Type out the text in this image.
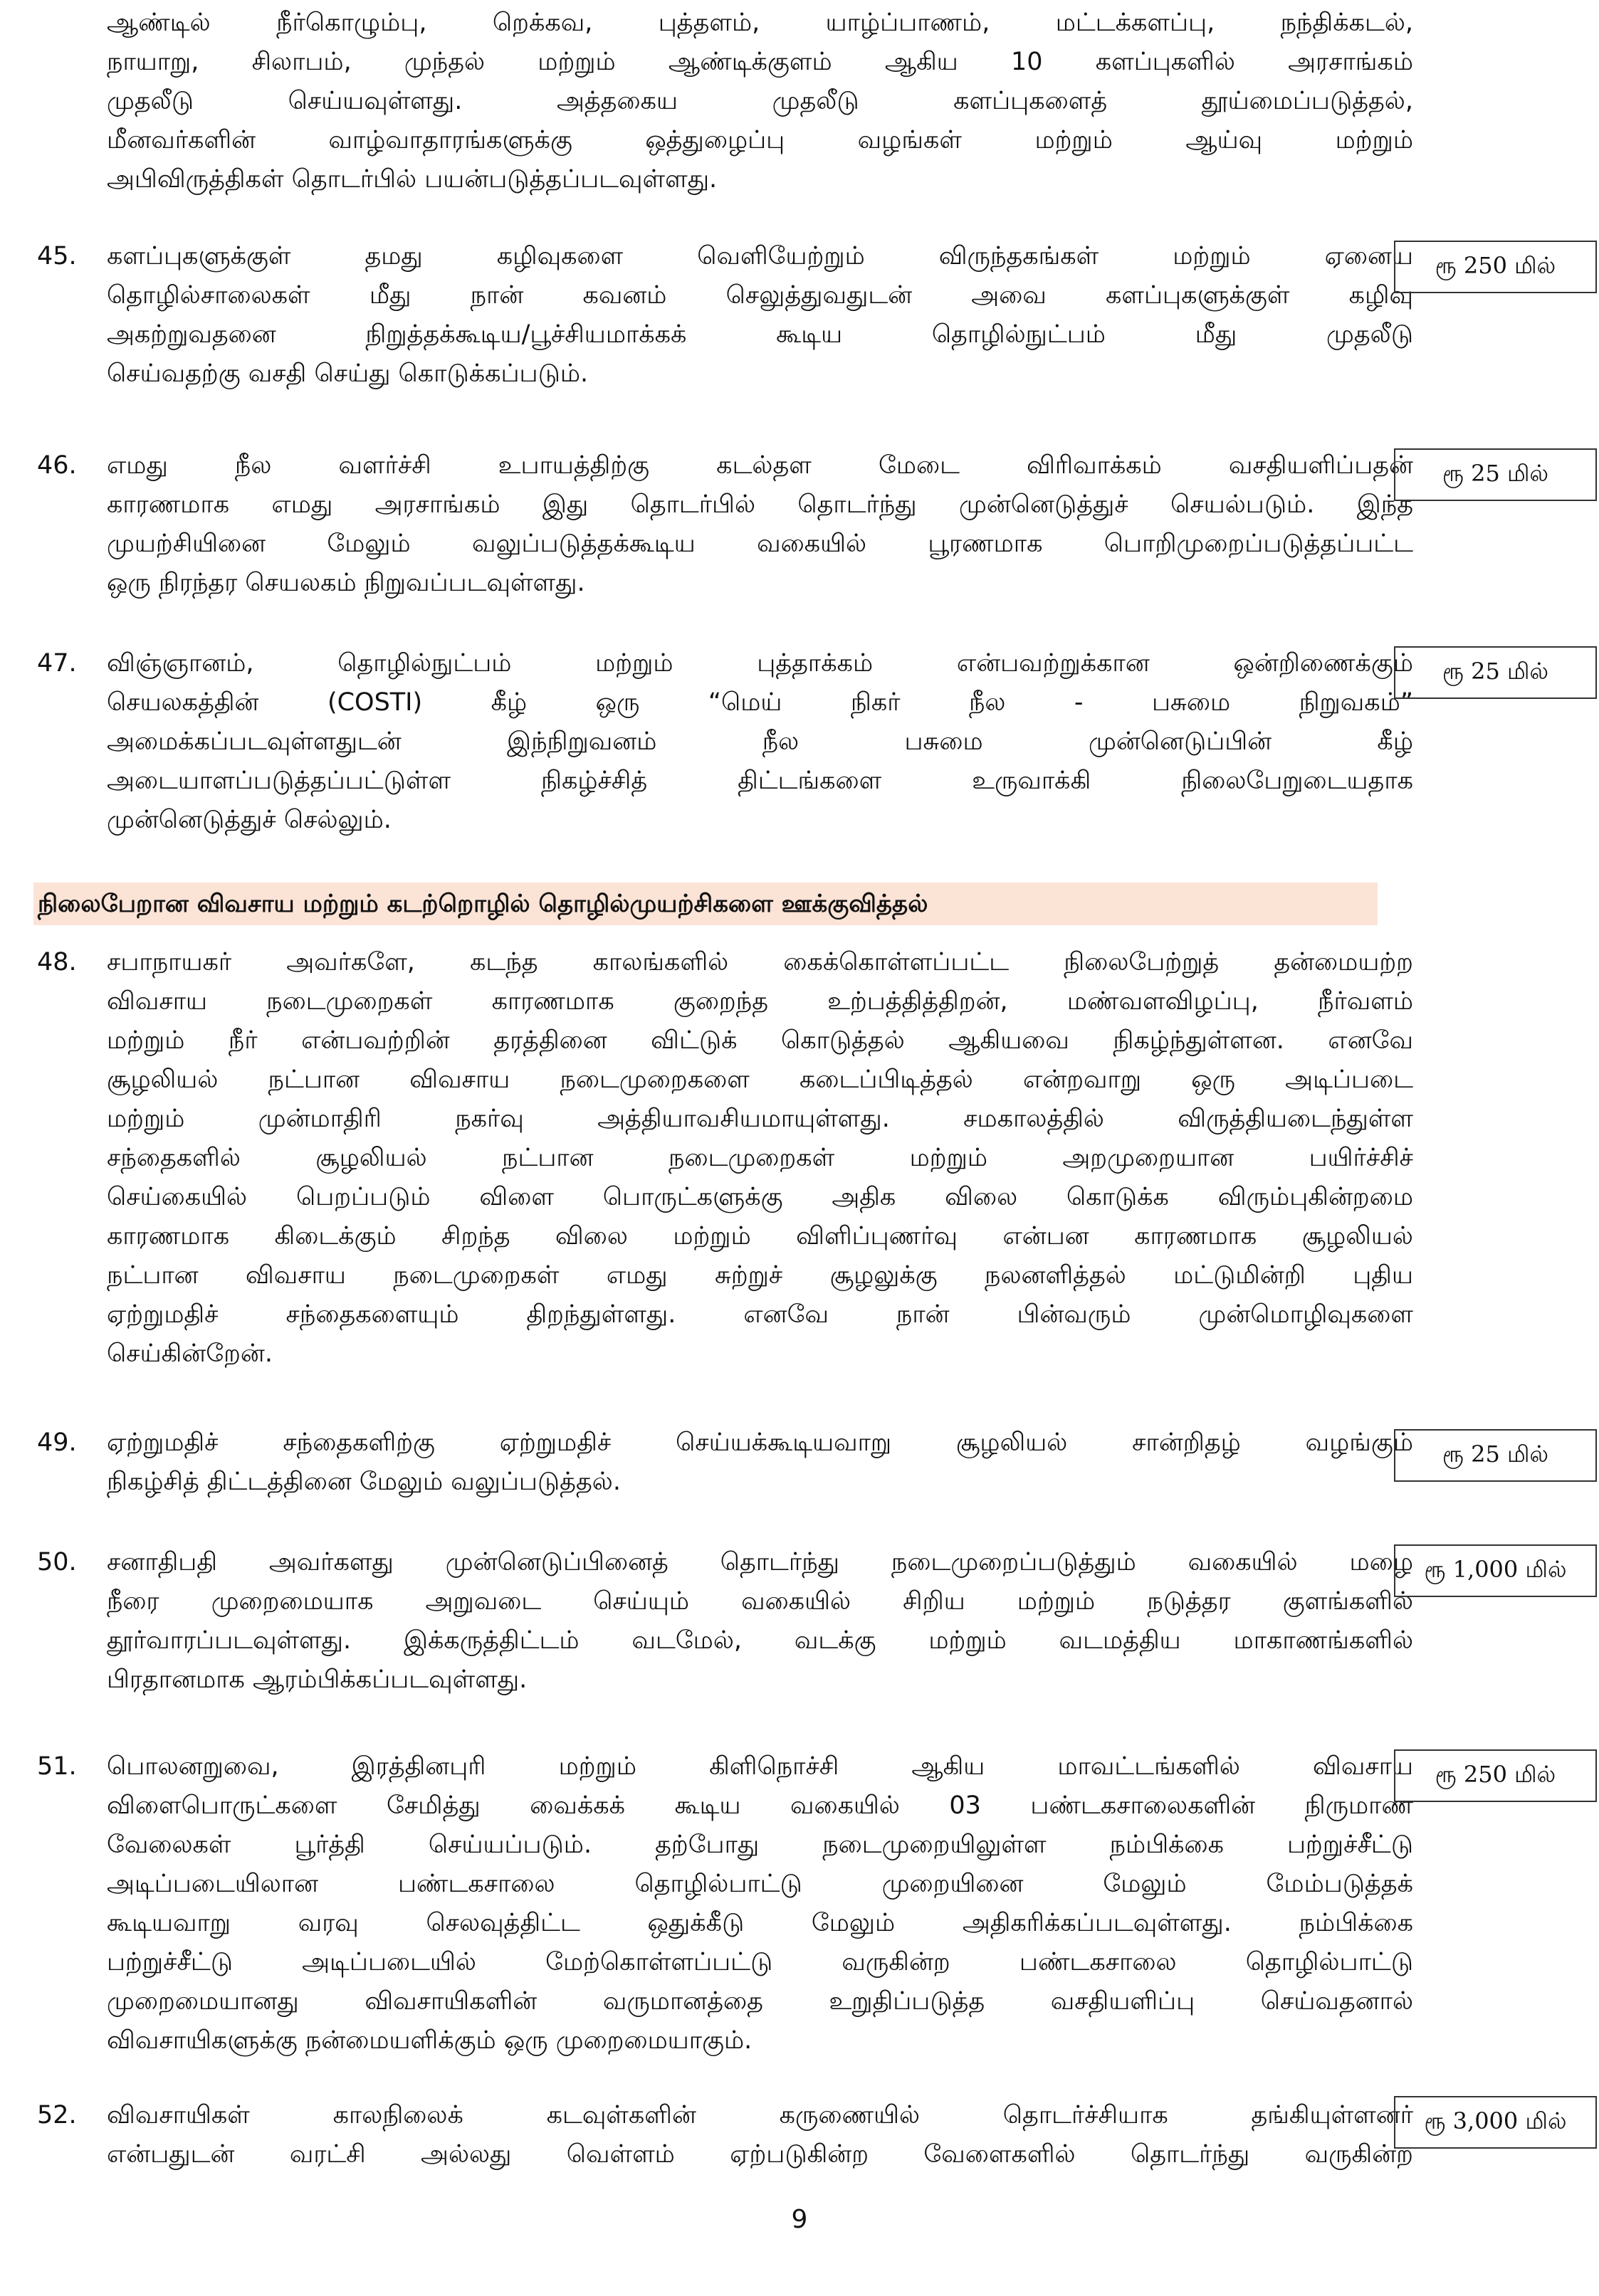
ஆண்டில் நீர்கொழும்பு, றெக்கவ, புத்தளம், யாழ்ப்பாணம், மட்டக்களப்பு, நந்திக்கடல்,
நாயாறு, சிலாபம், முந்தல் மற்றும் ஆண்டிக்குளம் ஆகிய 10 களப்புகளில் அரசாங்கம்
முதலீடு செய்யவுள்ளது. அத்தகைய முதலீடு களப்புகளைத் தூய்மைப்படுத்தல்,
மீனவர்களின் வாழ்வாதாரங்களுக்கு ஒத்துழைப்பு வழங்கள் மற்றும் ஆய்வு மற்றும்
அபிவிருத்திகள் தொடர்பில் பயன்படுத்தப்படவுள்ளது.
45. களப்புகளுக்குள் தமது கழிவுகளை வெளியேற்றும் விருந்தகங்கள் மற்றும் ஏனைய
தொழில்சாலைகள் மீது நான் கவனம் செலுத்துவதுடன் அவை களப்புகளுக்குள் கழிவு
அகற்றுவதனை நிறுத்தக்கூடிய/பூச்சியமாக்கக் கூடிய தொழில்நுட்பம் மீது முதலீடு
செய்வதற்கு வசதி செய்து கொடுக்கப்படும்.
ரூ 250 மில்
46. எமது நீல வளர்ச்சி உபாயத்திற்கு கடல்தள மேடை விரிவாக்கம் வசதியளிப்பதன்
காரணமாக எமது அரசாங்கம் இது தொடர்பில் தொடர்ந்து முன்னெடுத்துச் செயல்படும். இந்த
முயற்சியினை மேலும் வலுப்படுத்தக்கூடிய வகையில் பூரணமாக பொறிமுறைப்படுத்தப்பட்ட
ஒரு நிரந்தர செயலகம் நிறுவப்படவுள்ளது.
ரூ 25 மில்
47. விஞ்ஞானம், தொழில்நுட்பம் மற்றும் புத்தாக்கம் என்பவற்றுக்கான ஒன்றிணைக்கும்
செயலகத்தின் (COSTI) கீழ் ஒரு “மெய் நிகர் நீல - பசுமை நிறுவகம்”
அமைக்கப்படவுள்ளதுடன் இந்நிறுவனம் நீல பசுமை முன்னெடுப்பின் கீழ்
அடையாளப்படுத்தப்பட்டுள்ள நிகழ்ச்சித் திட்டங்களை உருவாக்கி நிலைபேறுடையதாக
முன்னெடுத்துச் செல்லும்.
ரூ 25 மில்
நிலைபேறான விவசாய மற்றும் கடற்றொழில் தொழில்முயற்சிகளை ஊக்குவித்தல்
48. சபாநாயகர் அவர்களே, கடந்த காலங்களில் கைக்கொள்ளப்பட்ட நிலைபேற்றுத் தன்மையற்ற
விவசாய நடைமுறைகள் காரணமாக குறைந்த உற்பத்தித்திறன், மண்வளவிழப்பு, நீர்வளம்
மற்றும் நீர் என்பவற்றின் தரத்தினை விட்டுக் கொடுத்தல் ஆகியவை நிகழ்ந்துள்ளன. எனவே
சூழலியல் நட்பான விவசாய நடைமுறைகளை கடைப்பிடித்தல் என்றவாறு ஒரு அடிப்படை
மற்றும் முன்மாதிரி நகர்வு அத்தியாவசியமாயுள்ளது. சமகாலத்தில் விருத்தியடைந்துள்ள
சந்தைகளில் சூழலியல் நட்பான நடைமுறைகள் மற்றும் அறமுறையான பயிர்ச்சிச்
செய்கையில் பெறப்படும் விளை பொருட்களுக்கு அதிக விலை கொடுக்க விரும்புகின்றமை
காரணமாக கிடைக்கும் சிறந்த விலை மற்றும் விளிப்புணர்வு என்பன காரணமாக சூழலியல்
நட்பான விவசாய நடைமுறைகள் எமது சுற்றுச் சூழலுக்கு நலனளித்தல் மட்டுமின்றி புதிய
ஏற்றுமதிச் சந்தைகளையும் திறந்துள்ளது. எனவே நான் பின்வரும் முன்மொழிவுகளை
செய்கின்றேன்.
49. ஏற்றுமதிச் சந்தைகளிற்கு ஏற்றுமதிச் செய்யக்கூடியவாறு சூழலியல் சான்றிதழ் வழங்கும்
நிகழ்சித் திட்டத்தினை மேலும் வலுப்படுத்தல்.
ரூ 25 மில்
50. சனாதிபதி அவர்களது முன்னெடுப்பினைத் தொடர்ந்து நடைமுறைப்படுத்தும் வகையில் மழை
நீரை முறைமையாக அறுவடை செய்யும் வகையில் சிறிய மற்றும் நடுத்தர குளங்களில்
தூர்வாரப்படவுள்ளது. இக்கருத்திட்டம் வடமேல், வடக்கு மற்றும் வடமத்திய மாகாணங்களில்
பிரதானமாக ஆரம்பிக்கப்படவுள்ளது.
ரூ 1,000 மில்
51. பொலனறுவை, இரத்தினபுரி மற்றும் கிளிநொச்சி ஆகிய மாவட்டங்களில் விவசாய
விளைபொருட்களை சேமித்து வைக்கக் கூடிய வகையில் 03 பண்டகசாலைகளின் நிருமாண
வேலைகள் பூர்த்தி செய்யப்படும். தற்போது நடைமுறையிலுள்ள நம்பிக்கை பற்றுச்சீட்டு
அடிப்படையிலான பண்டகசாலை தொழில்பாட்டு முறையினை மேலும் மேம்படுத்தக்
கூடியவாறு வரவு செலவுத்திட்ட ஒதுக்கீடு மேலும் அதிகரிக்கப்படவுள்ளது. நம்பிக்கை
பற்றுச்சீட்டு அடிப்படையில் மேற்கொள்ளப்பட்டு வருகின்ற பண்டகசாலை தொழில்பாட்டு
முறைமையானது விவசாயிகளின் வருமானத்தை உறுதிப்படுத்த வசதியளிப்பு செய்வதனால்
விவசாயிகளுக்கு நன்மையளிக்கும் ஒரு முறைமையாகும்.
ரூ 250 மில்
52. விவசாயிகள் காலநிலைக் கடவுள்களின் கருணையில் தொடர்ச்சியாக தங்கியுள்ளனர்
என்பதுடன் வரட்சி அல்லது வெள்ளம் ஏற்படுகின்ற வேளைகளில் தொடர்ந்து வருகின்ற
ரூ 3,000 மில்
9
